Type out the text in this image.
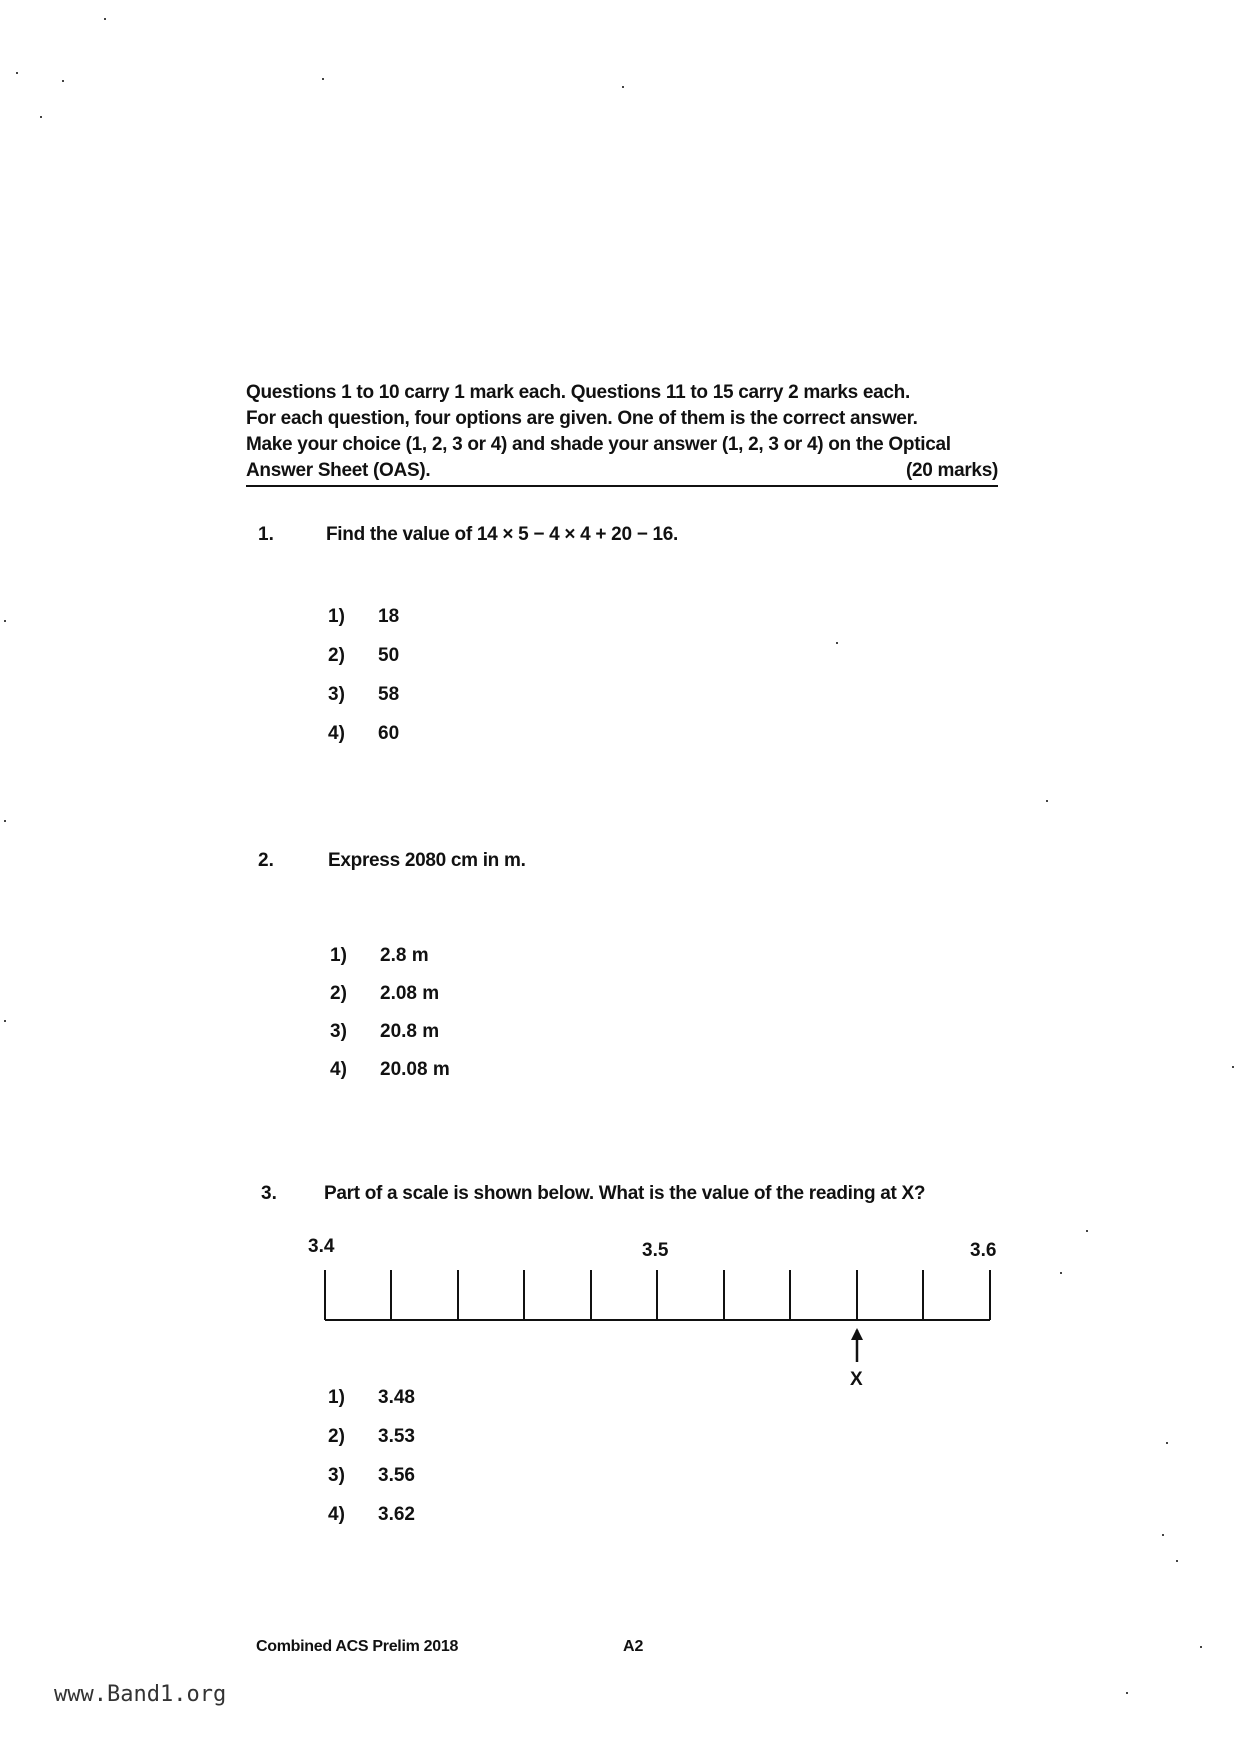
Questions 1 to 10 carry 1 mark each. Questions 11 to 15 carry 2 marks each.
For each question, four options are given. One of them is the correct answer.
Make your choice (1, 2, 3 or 4) and shade your answer (1, 2, 3 or 4) on the Optical
Answer Sheet (OAS).	(20 marks)
1.	Find the value of 14 × 5 − 4 × 4 + 20 − 16.
1)	18
2)	50
3)	58
4)	60
2.	Express 2080 cm in m.
1)	2.8 m
2)	2.08 m
3)	20.8 m
4)	20.08 m
3. Part of a scale is shown below. What is the value of the reading at X?
3.4	3.5	3.6
X
1)	3.48
2)	3.53
3)	3.56
4)	3.62
Combined ACS Prelim 2018	A2
www.Band1.org
